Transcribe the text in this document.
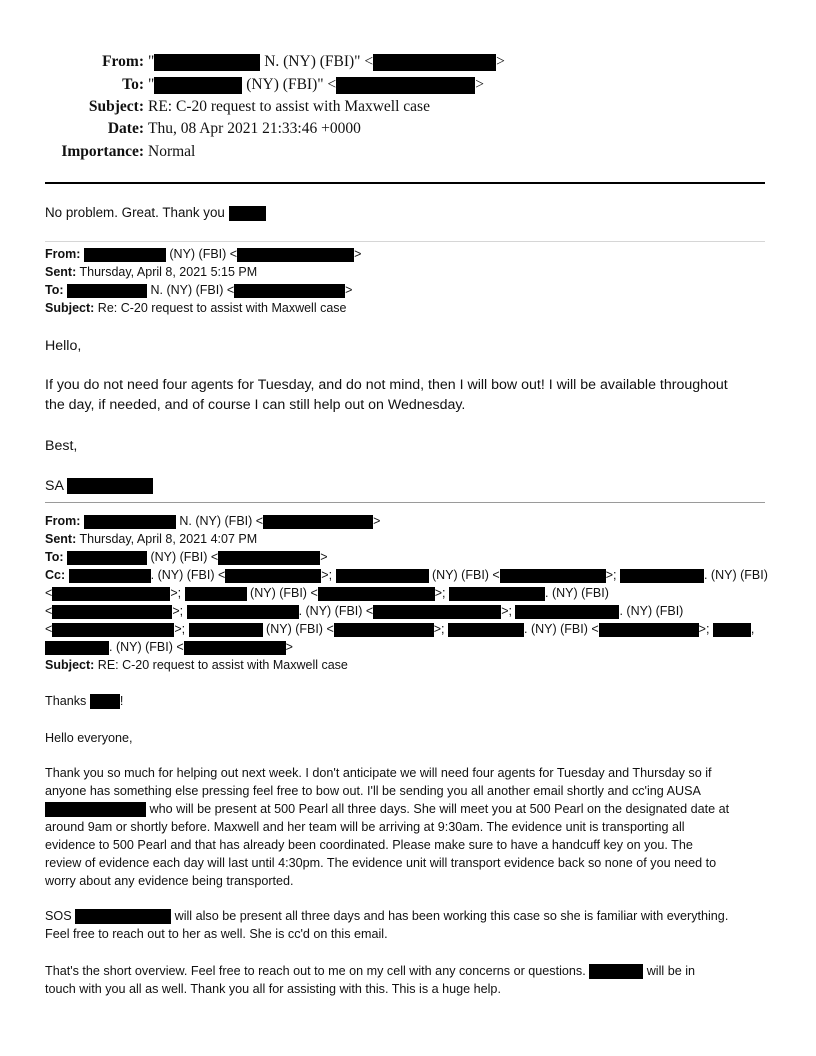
From: "	N. (NY) (FBI)" <	>
To: "	(NY) (FBI)" <	>
Subject: RE: C-20 request to assist with Maxwell case
Date: Thu, 08 Apr 2021 21:33:46 +0000
Importance: Normal
No problem. Great. Thank you
From:	(NY) (FBI) <	>
Sent: Thursday, April 8, 2021 5:15 PM
To:	N. (NY) (FBI) <	>
Subject: Re: C-20 request to assist with Maxwell case
Hello,
If you do not need four agents for Tuesday, and do not mind, then I will bow out! I will be available throughout
the day, if needed, and of course I can still help out on Wednesday.
Best,
SA
From:	N. (NY) (FBI) <	>
Sent: Thursday, April 8, 2021 4:07 PM
To:	(NY) (FBI) <	>
Cc:	. (NY) (FBI) <	>;	(NY) (FBI) <	>;	. (NY) (FBI)
<	>;	(NY) (FBI) <	>;	. (NY) (FBI)
<	>;	. (NY) (FBI) <	>;	. (NY) (FBI)
<	>;	(NY) (FBI) <	>;	. (NY) (FBI) <	>;	,
. (NY) (FBI) <	>
Subject: RE: C-20 request to assist with Maxwell case
Thanks !
Hello everyone,
Thank you so much for helping out next week. I don't anticipate we will need four agents for Tuesday and Thursday so if
anyone has something else pressing feel free to bow out. I'll be sending you all another email shortly and cc'ing AUSA
who will be present at 500 Pearl all three days. She will meet you at 500 Pearl on the designated date at
around 9am or shortly before. Maxwell and her team will be arriving at 9:30am. The evidence unit is transporting all
evidence to 500 Pearl and that has already been coordinated. Please make sure to have a handcuff key on you. The
review of evidence each day will last until 4:30pm. The evidence unit will transport evidence back so none of you need to
worry about any evidence being transported.
SOS	will also be present all three days and has been working this case so she is familiar with everything.
Feel free to reach out to her as well. She is cc'd on this email.
That's the short overview. Feel free to reach out to me on my cell with any concerns or questions.	will be in
touch with you all as well. Thank you all for assisting with this. This is a huge help.
